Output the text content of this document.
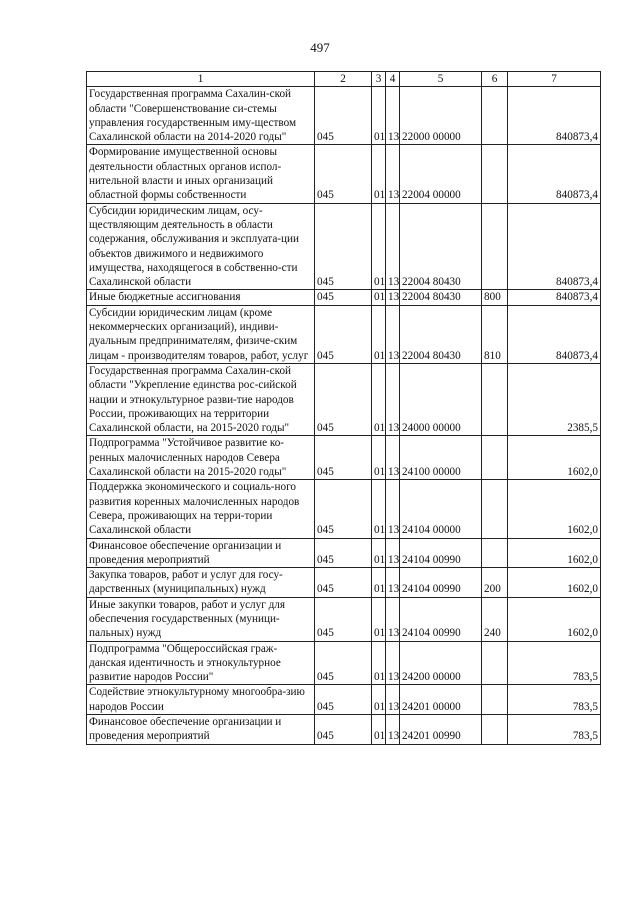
497
1	2	3	4	5	6	7
Государственная программа Сахалин-ской области "Совершенствование си-стемы управления государственным иму-ществом Сахалинской области на 2014-2020 годы"	045	01	13	22000 00000		840873,4
Формирование имущественной основы деятельности областных органов испол-нительной власти и иных организаций областной формы собственности	045	01	13	22004 00000		840873,4
Субсидии юридическим лицам, осу-ществляющим деятельность в области содержания, обслуживания и эксплуата-ции объектов движимого и недвижимого имущества, находящегося в собственно-сти Сахалинской области	045	01	13	22004 80430		840873,4
Иные бюджетные ассигнования	045	01	13	22004 80430	800	840873,4
Субсидии юридическим лицам (кроме некоммерческих организаций), индиви-дуальным предпринимателям, физиче-ским лицам - производителям товаров, работ, услуг	045	01	13	22004 80430	810	840873,4
Государственная программа Сахалин-ской области "Укрепление единства рос-сийской нации и этнокультурное разви-тие народов России, проживающих на территории Сахалинской области, на 2015-2020 годы"	045	01	13	24000 00000		2385,5
Подпрограмма "Устойчивое развитие ко-ренных малочисленных народов Севера Сахалинской области на 2015-2020 годы"	045	01	13	24100 00000		1602,0
Поддержка экономического и социаль-ного развития коренных малочисленных народов Севера, проживающих на терри-тории Сахалинской области	045	01	13	24104 00000		1602,0
Финансовое обеспечение организации и проведения мероприятий	045	01	13	24104 00990		1602,0
Закупка товаров, работ и услуг для госу-дарственных (муниципальных) нужд	045	01	13	24104 00990	200	1602,0
Иные закупки товаров, работ и услуг для обеспечения государственных (муници-пальных) нужд	045	01	13	24104 00990	240	1602,0
Подпрограмма "Общероссийская граж-данская идентичность и этнокультурное развитие народов России"	045	01	13	24200 00000		783,5
Содействие этнокультурному многообра-зию народов России	045	01	13	24201 00000		783,5
Финансовое обеспечение организации и проведения мероприятий	045	01	13	24201 00990		783,5
